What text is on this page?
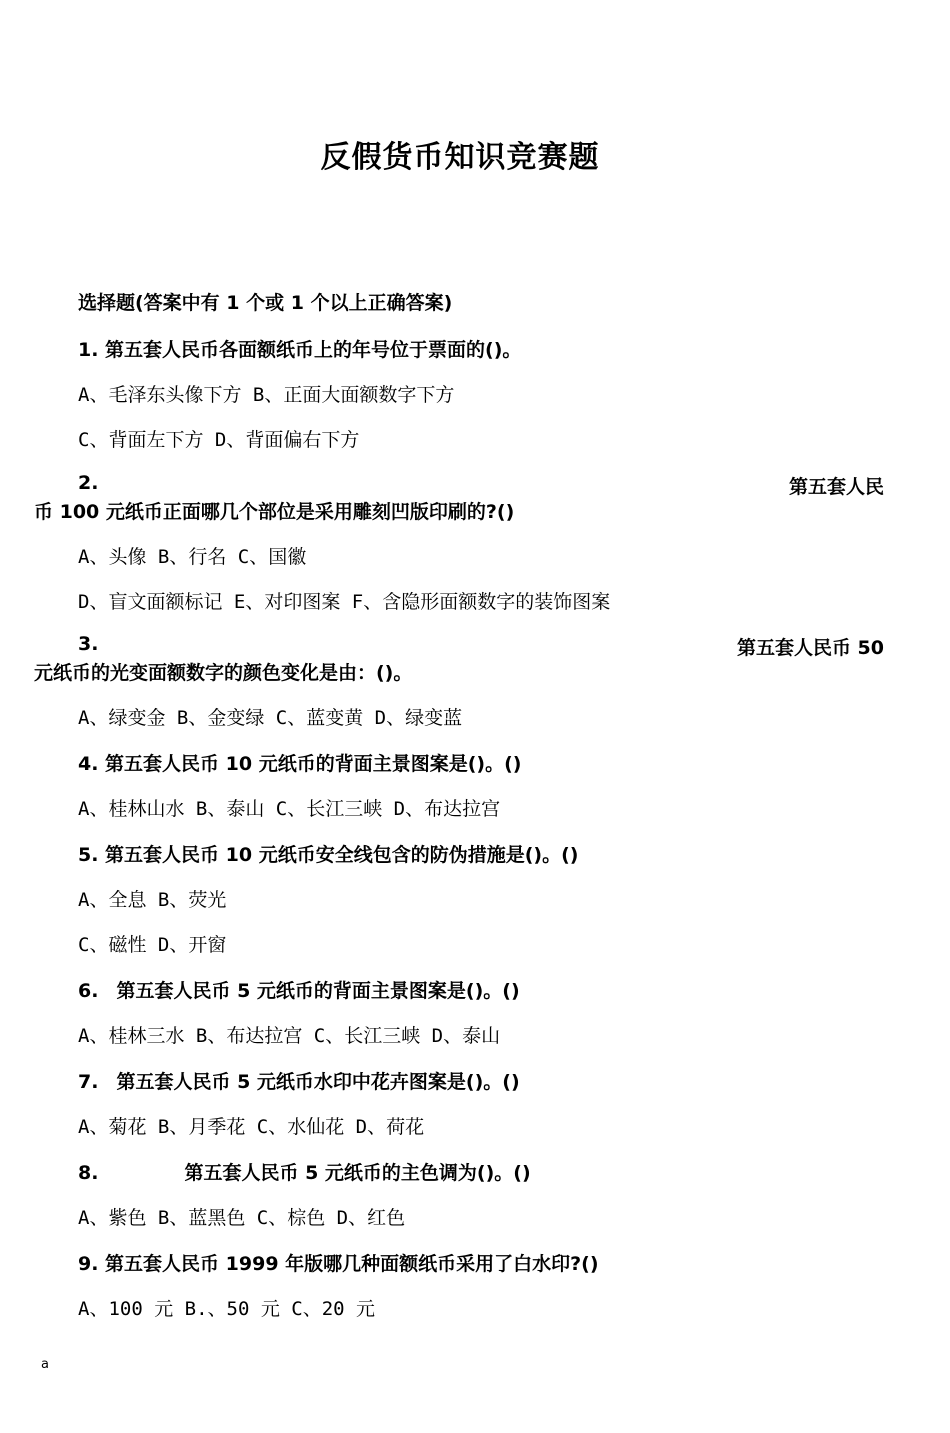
反假货币知识竞赛题
选择题(答案中有 1 个或 1 个以上正确答案)
1. 第五套人民币各面额纸币上的年号位于票面的()。
A、毛泽东头像下方 B、正面大面额数字下方
C、背面左下方 D、背面偏右下方
2.	第五套人民
币 100 元纸币正面哪几个部位是采用雕刻凹版印刷的?()
A、头像 B、行名 C、国徽
D、盲文面额标记 E、对印图案 F、含隐形面额数字的装饰图案
3.	第五套人民币 50
元纸币的光变面额数字的颜色变化是由：()。
A、绿变金 B、金变绿 C、蓝变黄 D、绿变蓝
4. 第五套人民币 10 元纸币的背面主景图案是()。()
A、桂林山水 B、泰山 C、长江三峡 D、布达拉宫
5. 第五套人民币 10 元纸币安全线包含的防伪措施是()。()
A、全息 B、荧光
C、磁性 D、开窗
6. 第五套人民币 5 元纸币的背面主景图案是()。()
A、桂林三水 B、布达拉宫 C、长江三峡 D、泰山
7. 第五套人民币 5 元纸币水印中花卉图案是()。()
A、菊花 B、月季花 C、水仙花 D、荷花
8.	第五套人民币 5 元纸币的主色调为()。()
A、紫色 B、蓝黑色 C、棕色 D、红色
9. 第五套人民币 1999 年版哪几种面额纸币采用了白水印?()
A、100 元 B.、50 元 C、20 元
a
